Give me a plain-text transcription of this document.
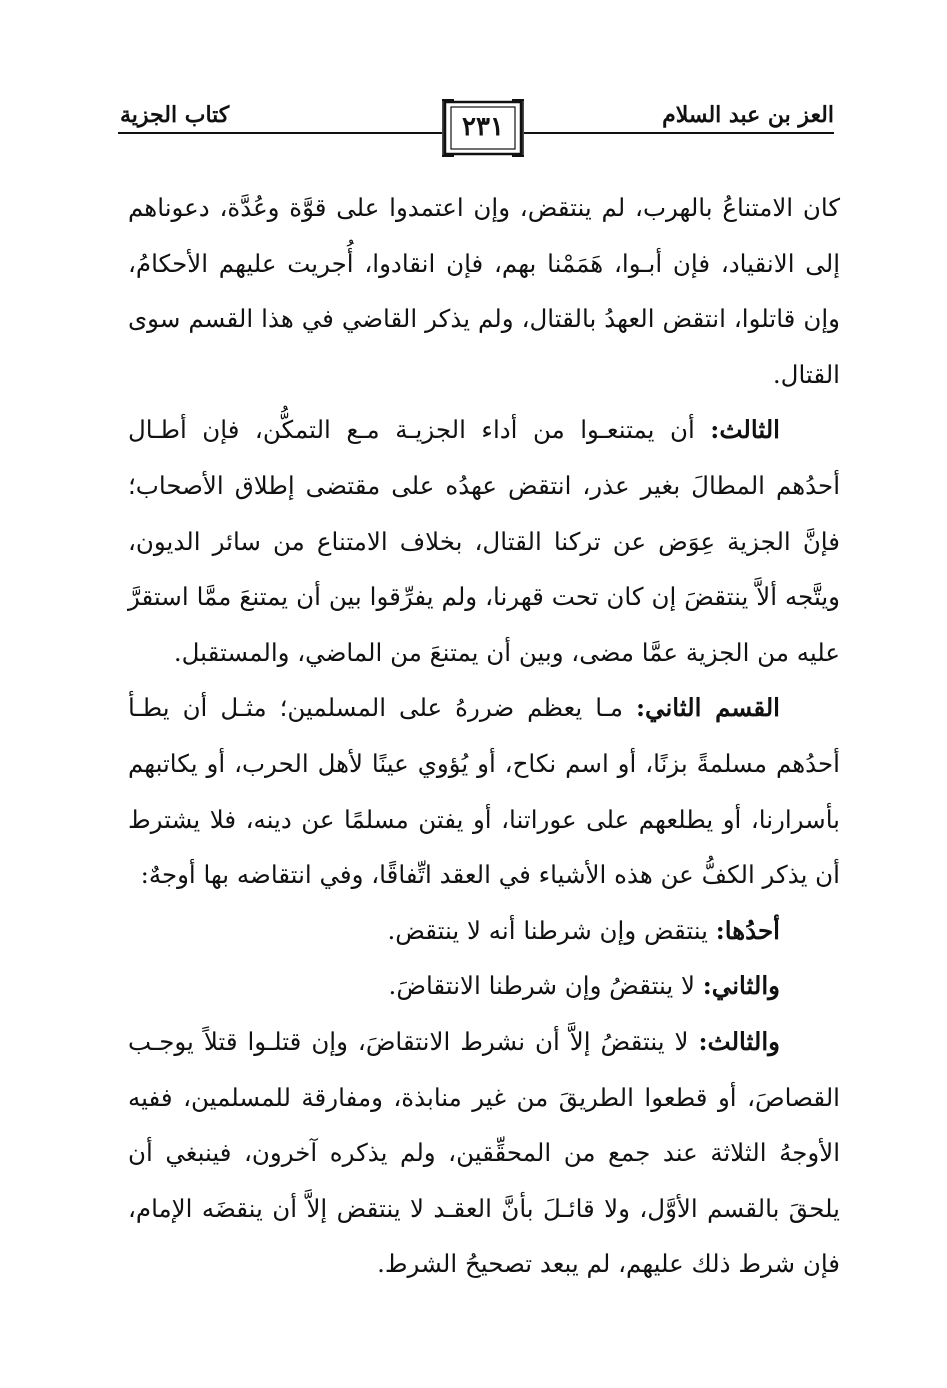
كتاب الجزية	العز بن عبد السلام
٢٣١

كان الامتناعُ بالهرب، لم ينتقض، وإن اعتمدوا على قوَّة وعُدَّة، دعوناهم إلى الانقياد، فإن أبـوا، هَمَمْنا بهم، فإن انقادوا، أُجريت عليهم الأحكامُ، وإن قاتلوا، انتقض العهدُ بالقتال، ولم يذكر القاضي في هذا القسم سوى القتال.

الثالث: أن يمتنعـوا من أداء الجزيـة مـع التمكُّن، فإن أطـال أحدُهم المطالَ بغير عذر، انتقض عهدُه على مقتضى إطلاق الأصحاب؛ فإنَّ الجزية عِوَض عن تركنا القتال، بخلاف الامتناع من سائر الديون، ويتَّجه ألاَّ ينتقضَ إن كان تحت قهرنا، ولم يفرِّقوا بين أن يمتنعَ ممَّا استقرَّ عليه من الجزية عمَّا مضى، وبين أن يمتنعَ من الماضي، والمستقبل.

القسم الثاني: مـا يعظم ضررهُ على المسلمين؛ مثـل أن يطـأ أحدُهم مسلمةً بزنًا، أو اسم نكاح، أو يُؤوي عينًا لأهل الحرب، أو يكاتبهم بأسرارنا، أو يطلعهم على عوراتنا، أو يفتن مسلمًا عن دينه، فلا يشترط أن يذكر الكفُّ عن هذه الأشياء في العقد اتِّفاقًا، وفي انتقاضه بها أوجهٌ:

أحدُها: ينتقض وإن شرطنا أنه لا ينتقض.

والثاني: لا ينتقضُ وإن شرطنا الانتقاضَ.

والثالث: لا ينتقضُ إلاَّ أن نشرط الانتقاضَ، وإن قتلـوا قتلاً يوجـب القصاصَ، أو قطعوا الطريقَ من غير منابذة، ومفارقة للمسلمين، ففيه الأوجهُ الثلاثة عند جمع من المحقِّقين، ولم يذكره آخرون، فينبغي أن يلحقَ بالقسم الأوَّل، ولا قائـلَ بأنَّ العقـد لا ينتقض إلاَّ أن ينقضَه الإمام، فإن شرط ذلك عليهم، لم يبعد تصحيحُ الشرط.
